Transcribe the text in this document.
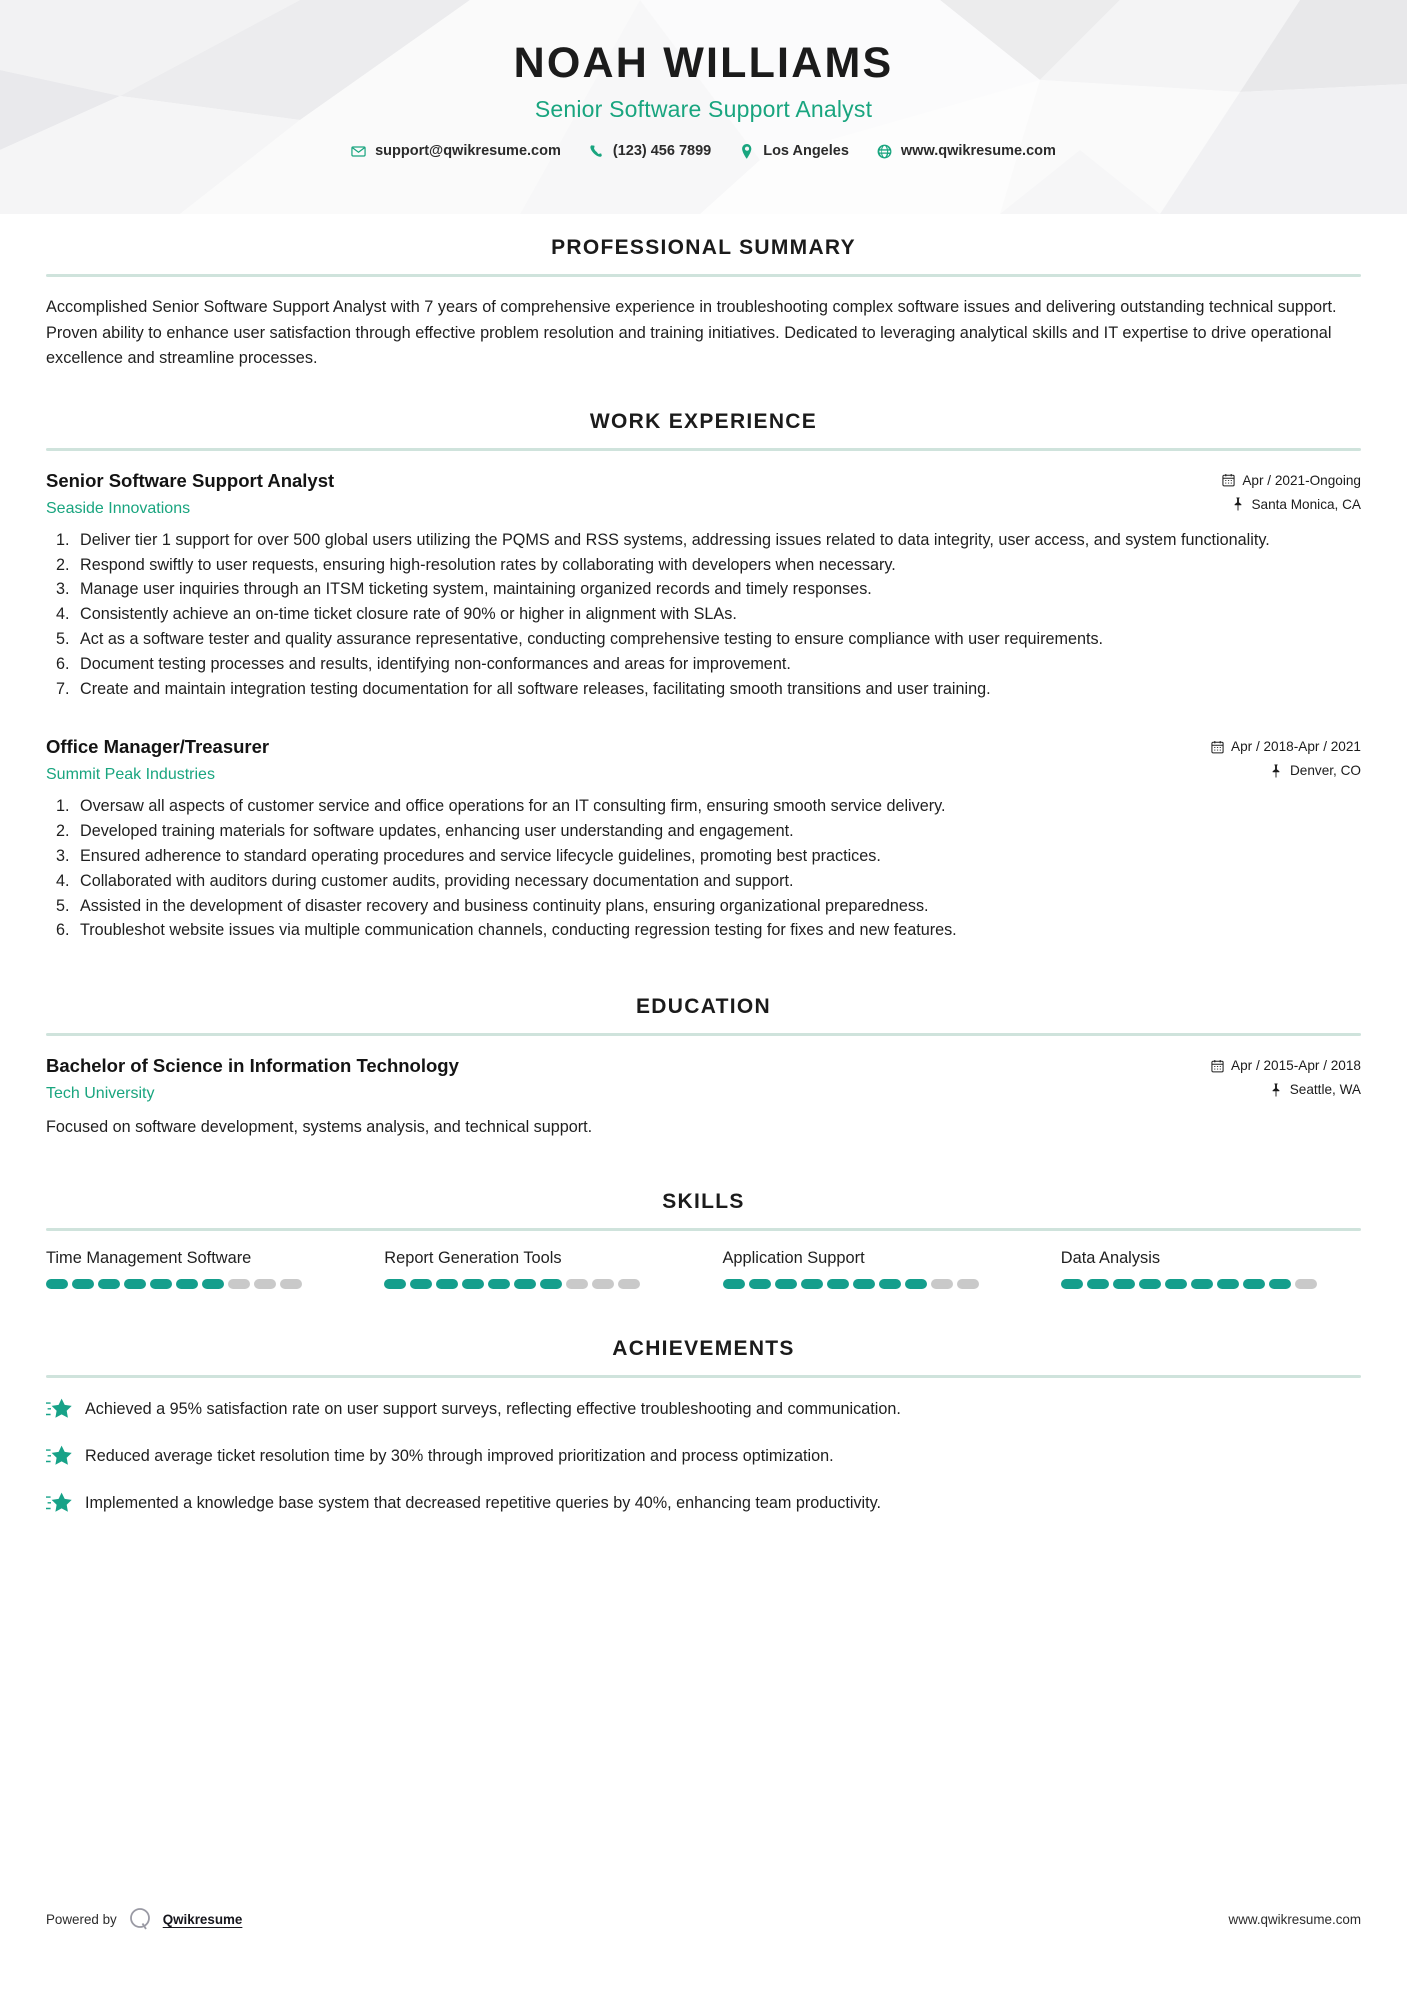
NOAH WILLIAMS
Senior Software Support Analyst
support@qwikresume.com	(123) 456 7899	Los Angeles	www.qwikresume.com
PROFESSIONAL SUMMARY
Accomplished Senior Software Support Analyst with 7 years of comprehensive experience in troubleshooting complex software issues and delivering outstanding technical support. Proven ability to enhance user satisfaction through effective problem resolution and training initiatives. Dedicated to leveraging analytical skills and IT expertise to drive operational excellence and streamline processes.
WORK EXPERIENCE
Senior Software Support Analyst
Seaside Innovations
Apr / 2021-Ongoing
Santa Monica, CA
1. Deliver tier 1 support for over 500 global users utilizing the PQMS and RSS systems, addressing issues related to data integrity, user access, and system functionality.
2. Respond swiftly to user requests, ensuring high-resolution rates by collaborating with developers when necessary.
3. Manage user inquiries through an ITSM ticketing system, maintaining organized records and timely responses.
4. Consistently achieve an on-time ticket closure rate of 90% or higher in alignment with SLAs.
5. Act as a software tester and quality assurance representative, conducting comprehensive testing to ensure compliance with user requirements.
6. Document testing processes and results, identifying non-conformances and areas for improvement.
7. Create and maintain integration testing documentation for all software releases, facilitating smooth transitions and user training.
Office Manager/Treasurer
Summit Peak Industries
Apr / 2018-Apr / 2021
Denver, CO
1. Oversaw all aspects of customer service and office operations for an IT consulting firm, ensuring smooth service delivery.
2. Developed training materials for software updates, enhancing user understanding and engagement.
3. Ensured adherence to standard operating procedures and service lifecycle guidelines, promoting best practices.
4. Collaborated with auditors during customer audits, providing necessary documentation and support.
5. Assisted in the development of disaster recovery and business continuity plans, ensuring organizational preparedness.
6. Troubleshot website issues via multiple communication channels, conducting regression testing for fixes and new features.
EDUCATION
Bachelor of Science in Information Technology
Tech University
Apr / 2015-Apr / 2018
Seattle, WA
Focused on software development, systems analysis, and technical support.
SKILLS
Time Management Software	Report Generation Tools	Application Support	Data Analysis
ACHIEVEMENTS
Achieved a 95% satisfaction rate on user support surveys, reflecting effective troubleshooting and communication.
Reduced average ticket resolution time by 30% through improved prioritization and process optimization.
Implemented a knowledge base system that decreased repetitive queries by 40%, enhancing team productivity.
Powered by	Qwikresume	www.qwikresume.com
